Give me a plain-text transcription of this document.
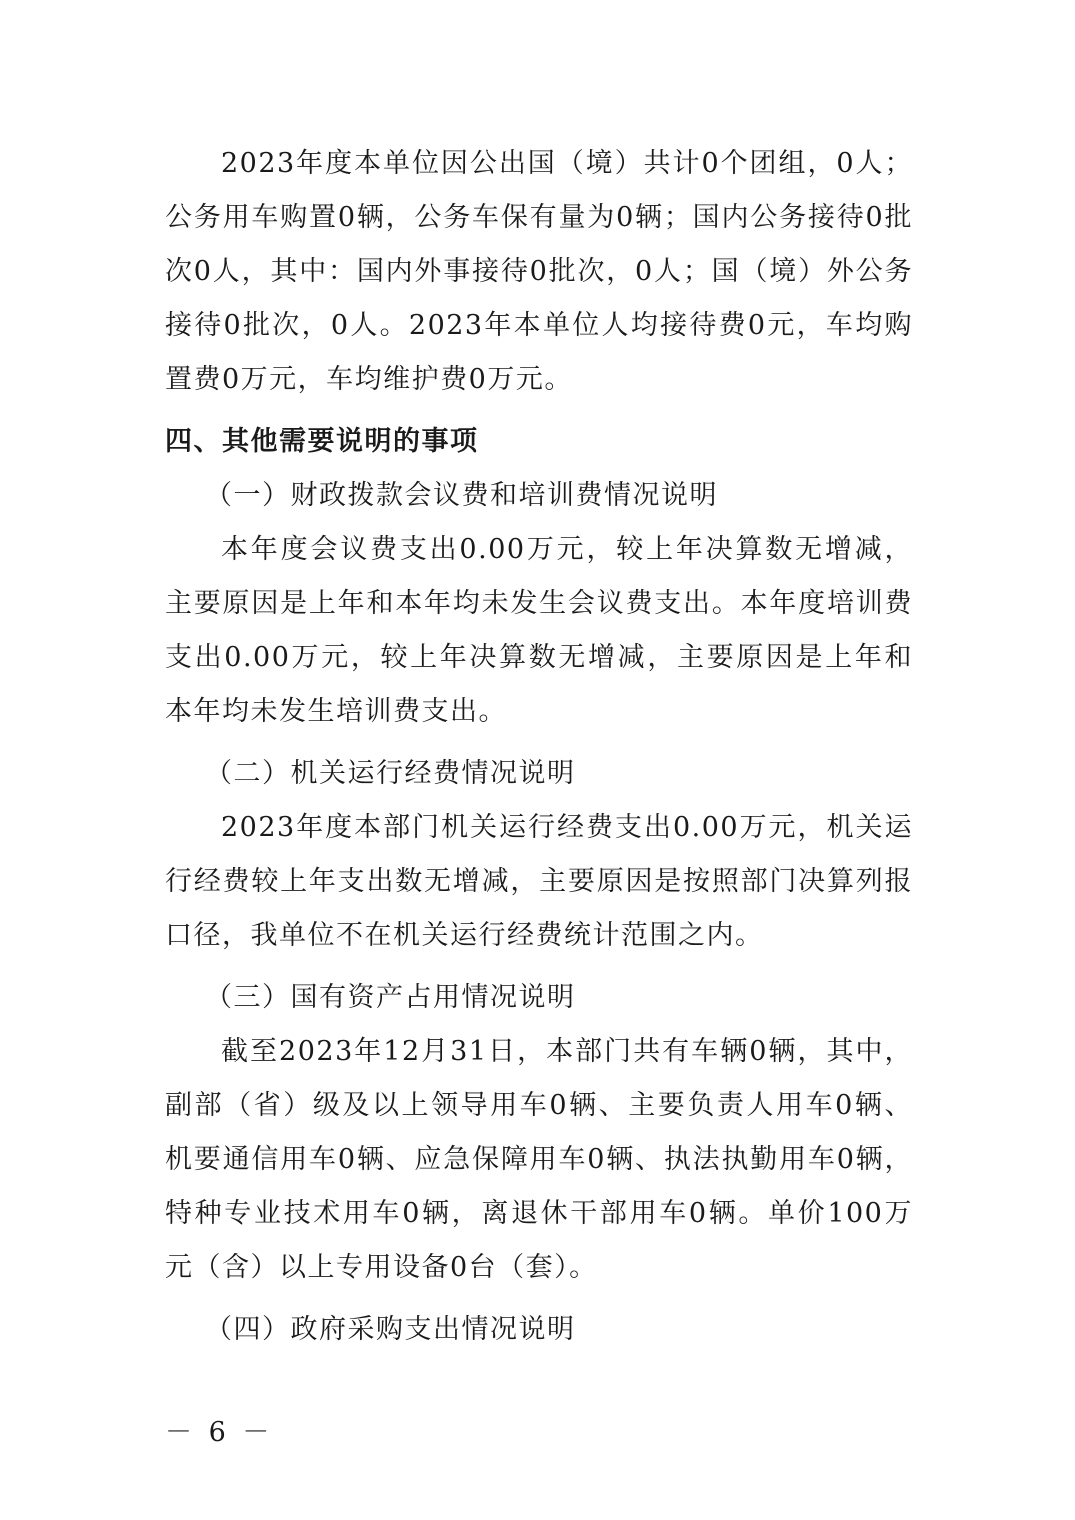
2023年度本单位因公出国（境）共计0个团组，0人；公务用车购置0辆，公务车保有量为0辆；国内公务接待0批次0人，其中：国内外事接待0批次，0人；国（境）外公务接待0批次，0人。2023年本单位人均接待费0元，车均购置费0万元，车均维护费0万元。

四、其他需要说明的事项

（一）财政拨款会议费和培训费情况说明

本年度会议费支出0.00万元，较上年决算数无增减，主要原因是上年和本年均未发生会议费支出。本年度培训费支出0.00万元，较上年决算数无增减，主要原因是上年和本年均未发生培训费支出。

（二）机关运行经费情况说明

2023年度本部门机关运行经费支出0.00万元，机关运行经费较上年支出数无增减，主要原因是按照部门决算列报口径，我单位不在机关运行经费统计范围之内。

（三）国有资产占用情况说明

截至2023年12月31日，本部门共有车辆0辆，其中，副部（省）级及以上领导用车0辆、主要负责人用车0辆、机要通信用车0辆、应急保障用车0辆、执法执勤用车0辆，特种专业技术用车0辆，离退休干部用车0辆。单价100万元（含）以上专用设备0台（套）。

（四）政府采购支出情况说明

－ 6 －
